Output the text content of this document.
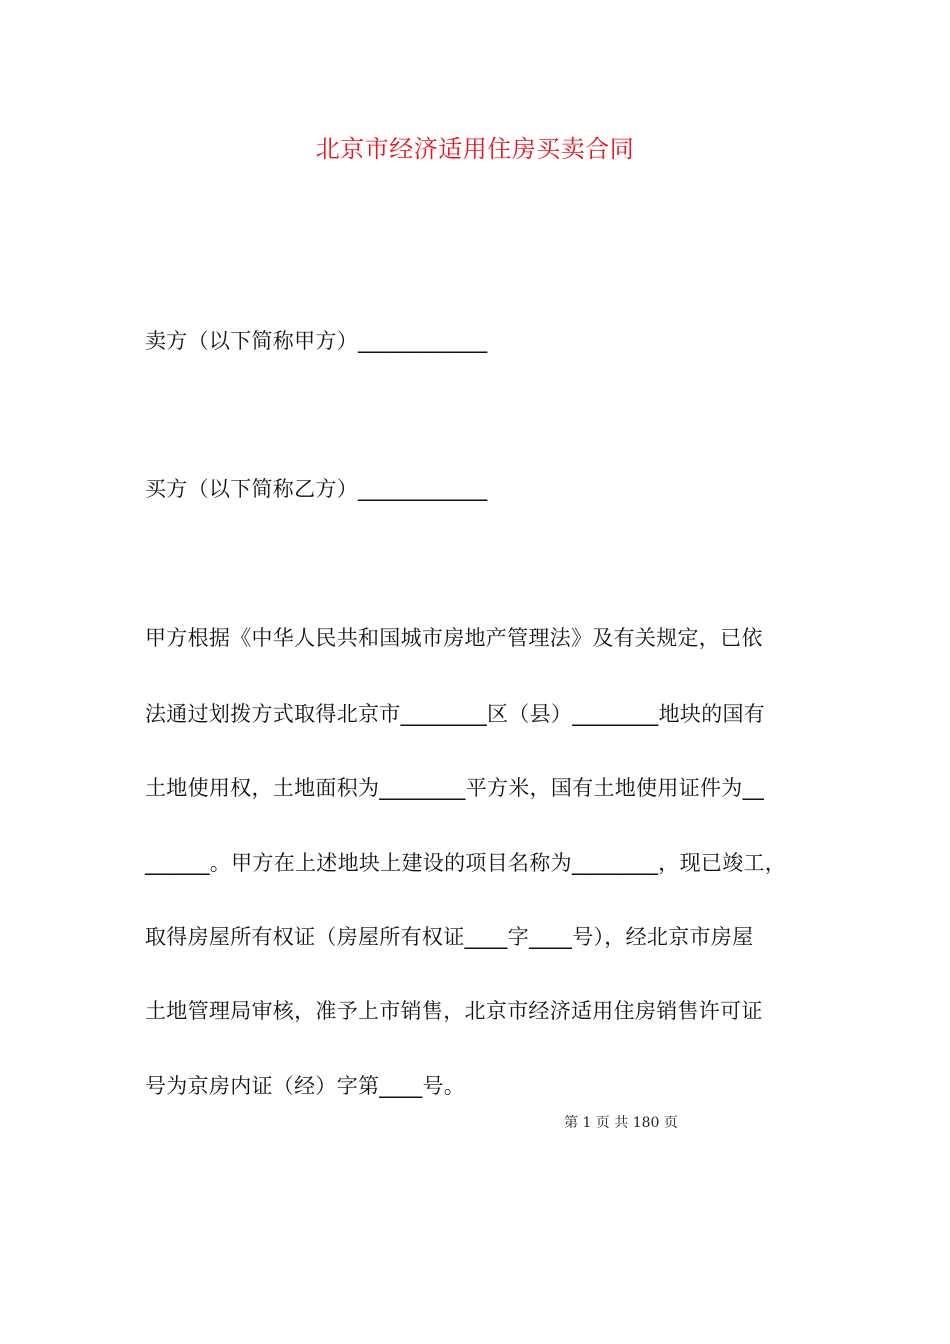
北京市经济适用住房买卖合同
卖方（以下简称甲方）____________
买方（以下简称乙方）____________
甲方根据《中华人民共和国城市房地产管理法》及有关规定，已依
法通过划拨方式取得北京市________区（县）________地块的国有
土地使用权，土地面积为________平方米，国有土地使用证件为__
______。甲方在上述地块上建设的项目名称为________，现已竣工，
取得房屋所有权证（房屋所有权证____字____号），经北京市房屋
土地管理局审核，准予上市销售，北京市经济适用住房销售许可证
号为京房内证（经）字第____号。
第 1 页 共 180 页
